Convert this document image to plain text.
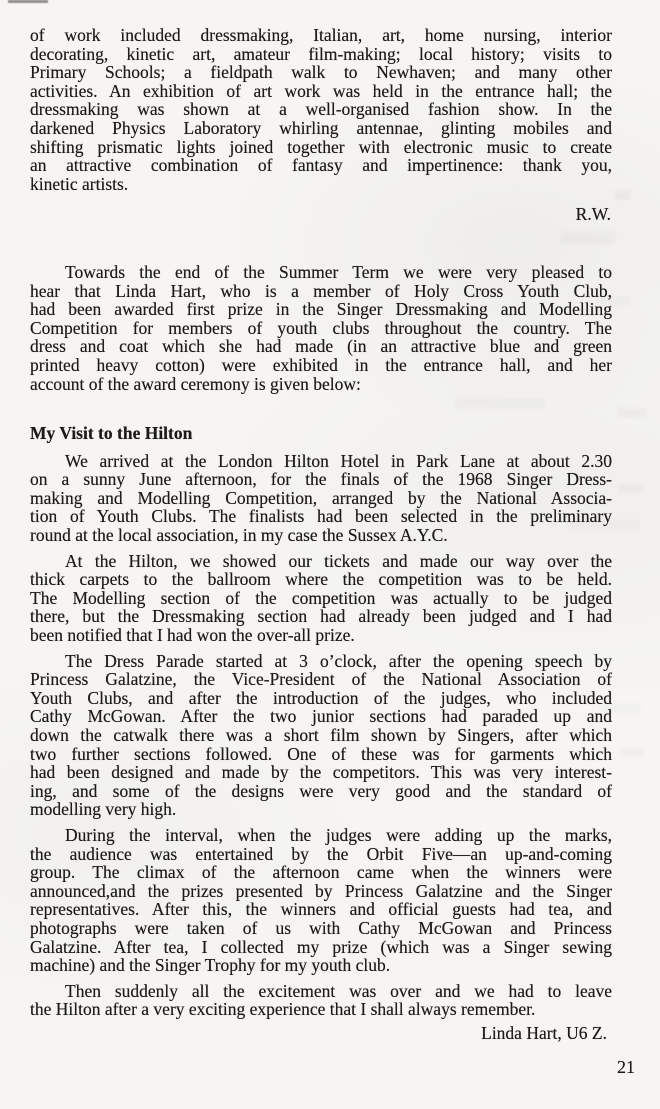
of work included dressmaking, Italian, art, home nursing, interior
decorating, kinetic art, amateur film-making; local history; visits to
Primary Schools; a fieldpath walk to Newhaven; and many other
activities. An exhibition of art work was held in the entrance hall; the
dressmaking was shown at a well-organised fashion show. In the
darkened Physics Laboratory whirling antennae, glinting mobiles and
shifting prismatic lights joined together with electronic music to create
an attractive combination of fantasy and impertinence: thank you,
kinetic artists.
R.W.
Towards the end of the Summer Term we were very pleased to
hear that Linda Hart, who is a member of Holy Cross Youth Club,
had been awarded first prize in the Singer Dressmaking and Modelling
Competition for members of youth clubs throughout the country. The
dress and coat which she had made (in an attractive blue and green
printed heavy cotton) were exhibited in the entrance hall, and her
account of the award ceremony is given below:
My Visit to the Hilton
We arrived at the London Hilton Hotel in Park Lane at about 2.30
on a sunny June afternoon, for the finals of the 1968 Singer Dress-
making and Modelling Competition, arranged by the National Associa-
tion of Youth Clubs. The finalists had been selected in the preliminary
round at the local association, in my case the Sussex A.Y.C.
At the Hilton, we showed our tickets and made our way over the
thick carpets to the ballroom where the competition was to be held.
The Modelling section of the competition was actually to be judged
there, but the Dressmaking section had already been judged and I had
been notified that I had won the over-all prize.
The Dress Parade started at 3 o’clock, after the opening speech by
Princess Galatzine, the Vice-President of the National Association of
Youth Clubs, and after the introduction of the judges, who included
Cathy McGowan. After the two junior sections had paraded up and
down the catwalk there was a short film shown by Singers, after which
two further sections followed. One of these was for garments which
had been designed and made by the competitors. This was very interest-
ing, and some of the designs were very good and the standard of
modelling very high.
During the interval, when the judges were adding up the marks,
the audience was entertained by the Orbit Five—an up-and-coming
group. The climax of the afternoon came when the winners were
announced,and the prizes presented by Princess Galatzine and the Singer
representatives. After this, the winners and official guests had tea, and
photographs were taken of us with Cathy McGowan and Princess
Galatzine. After tea, I collected my prize (which was a Singer sewing
machine) and the Singer Trophy for my youth club.
Then suddenly all the excitement was over and we had to leave
the Hilton after a very exciting experience that I shall always remember.
Linda Hart, U6 Z.
21
